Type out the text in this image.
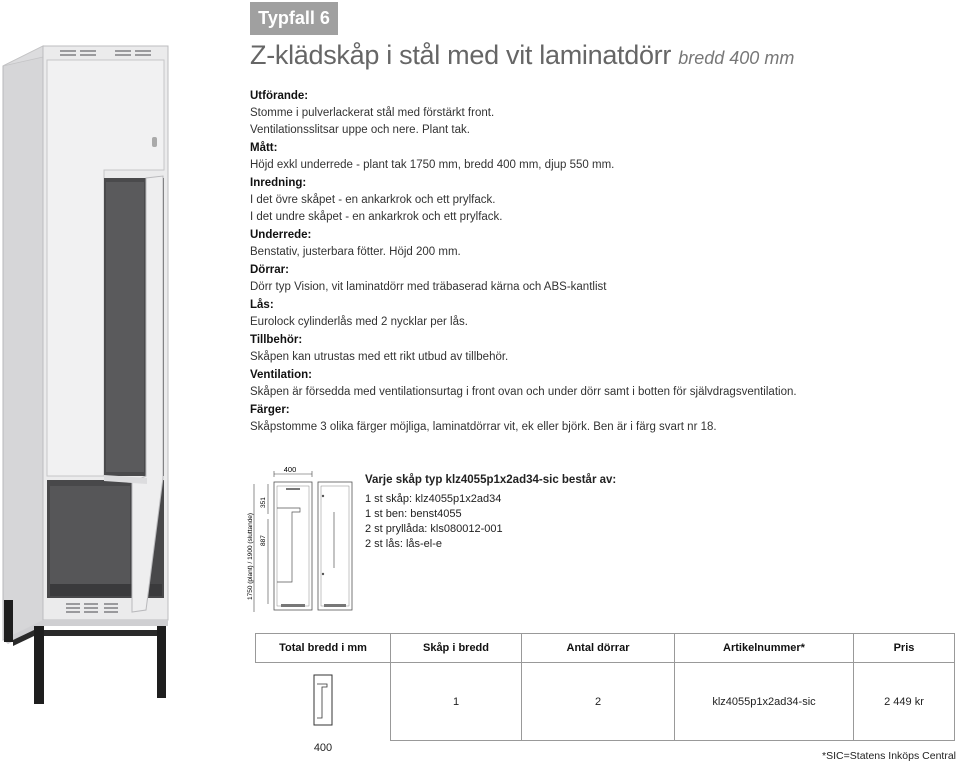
Typfall 6
Z-klädskåp i stål med vit laminatdörr bredd 400 mm
Utförande:
Stomme i pulverlackerat stål med förstärkt front.
Ventilationsslitsar uppe och nere. Plant tak.
Mått:
Höjd exkl underrede - plant tak 1750 mm, bredd 400 mm, djup 550 mm.
Inredning:
I det övre skåpet - en ankarkrok och ett prylfack.
I det undre skåpet - en ankarkrok och ett prylfack.
Underrede:
Benstativ, justerbara fötter. Höjd 200 mm.
Dörrar:
Dörr typ Vision, vit laminatdörr med träbaserad kärna och ABS-kantlist
Lås:
Eurolock cylinderlås med 2 nycklar per lås.
Tillbehör:
Skåpen kan utrustas med ett rikt utbud av tillbehör.
Ventilation:
Skåpen är försedda med ventilationsurtag i front ovan och under dörr samt i botten för självdragsventilation.
Färger:
Skåpstomme 3 olika färger möjliga, laminatdörrar vit, ek eller björk. Ben är i färg svart nr 18.
400
1750 (plant) / 1900 (sluttande)
351
887
Varje skåp typ klz4055p1x2ad34-sic består av:
1 st skåp: klz4055p1x2ad34
1 st ben: benst4055
2 st pryllåda: kls080012-001
2 st lås: lås-el-e
Total bredd i mm	Skåp i bredd	Antal dörrar	Artikelnummer*	Pris
	1	2	klz4055p1x2ad34-sic	2 449 kr
400				
*SIC=Statens Inköps Central
